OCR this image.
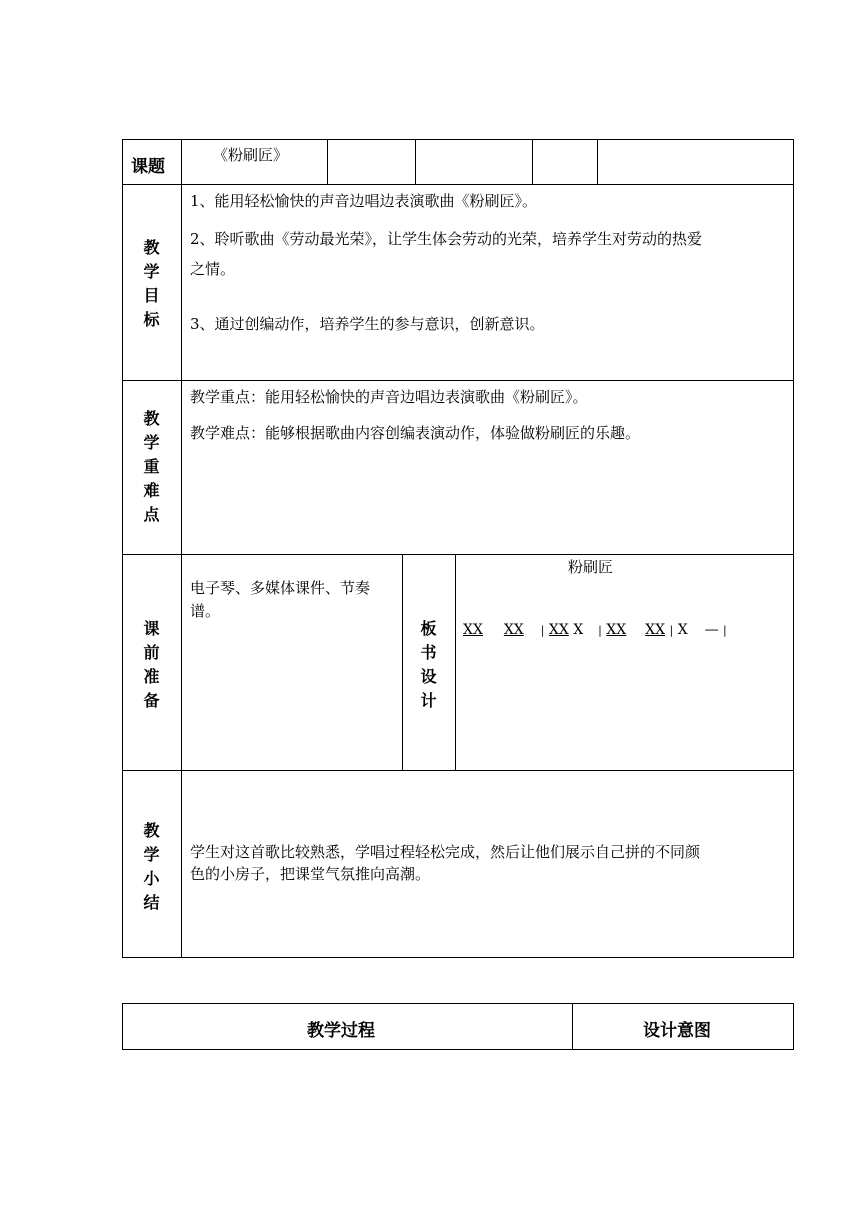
课题
《粉刷匠》
教
学
目
标
1、能用轻松愉快的声音边唱边表演歌曲《粉刷匠》。
2、聆听歌曲《劳动最光荣》，让学生体会劳动的光荣，培养学生对劳动的热爱
之情。
3、通过创编动作，培养学生的参与意识，创新意识。
教
学
重
难
点
教学重点：能用轻松愉快的声音边唱边表演歌曲《粉刷匠》。
教学难点：能够根据歌曲内容创编表演动作，体验做粉刷匠的乐趣。
课
前
准
备
电子琴、多媒体课件、节奏
谱。
板
书
设
计
粉刷匠
XX XX | XX X | XX XX | X — |
教
学
小
结
学生对这首歌比较熟悉，学唱过程轻松完成，然后让他们展示自己拼的不同颜
色的小房子，把课堂气氛推向高潮。
教学过程	设计意图
